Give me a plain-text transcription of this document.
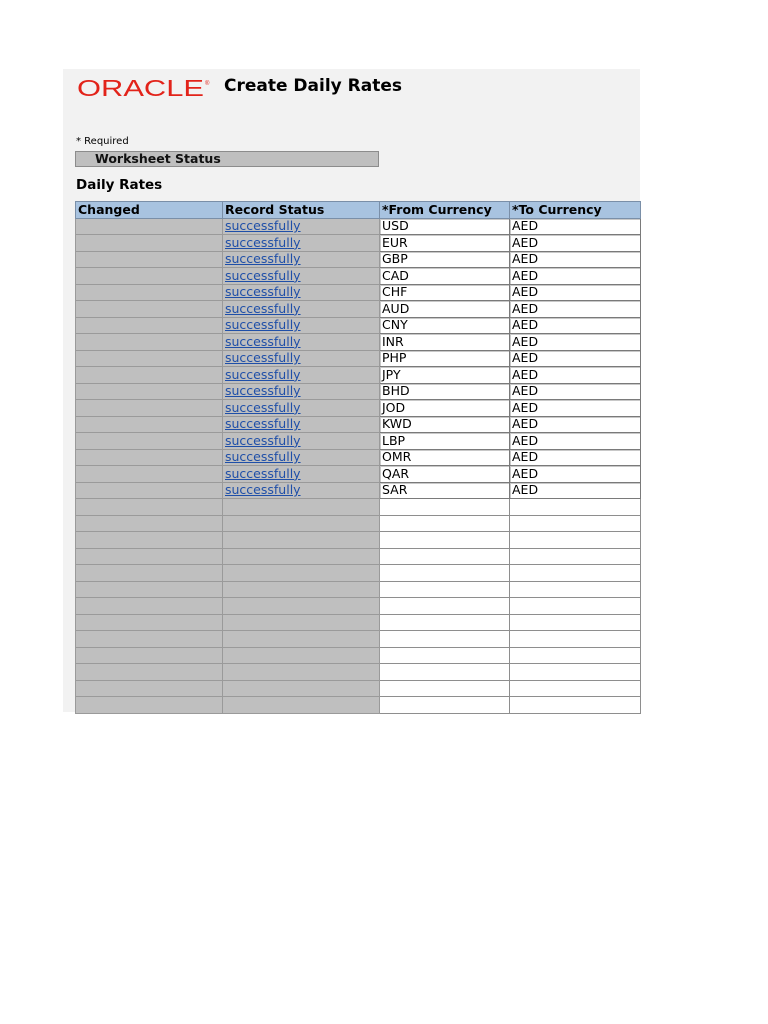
ORACLE ® Create Daily Rates
* Required
Worksheet Status
Daily Rates
Changed	Record Status	*From Currency	*To Currency
	successfully	USD	AED
	successfully	EUR	AED
	successfully	GBP	AED
	successfully	CAD	AED
	successfully	CHF	AED
	successfully	AUD	AED
	successfully	CNY	AED
	successfully	INR	AED
	successfully	PHP	AED
	successfully	JPY	AED
	successfully	BHD	AED
	successfully	JOD	AED
	successfully	KWD	AED
	successfully	LBP	AED
	successfully	OMR	AED
	successfully	QAR	AED
	successfully	SAR	AED
